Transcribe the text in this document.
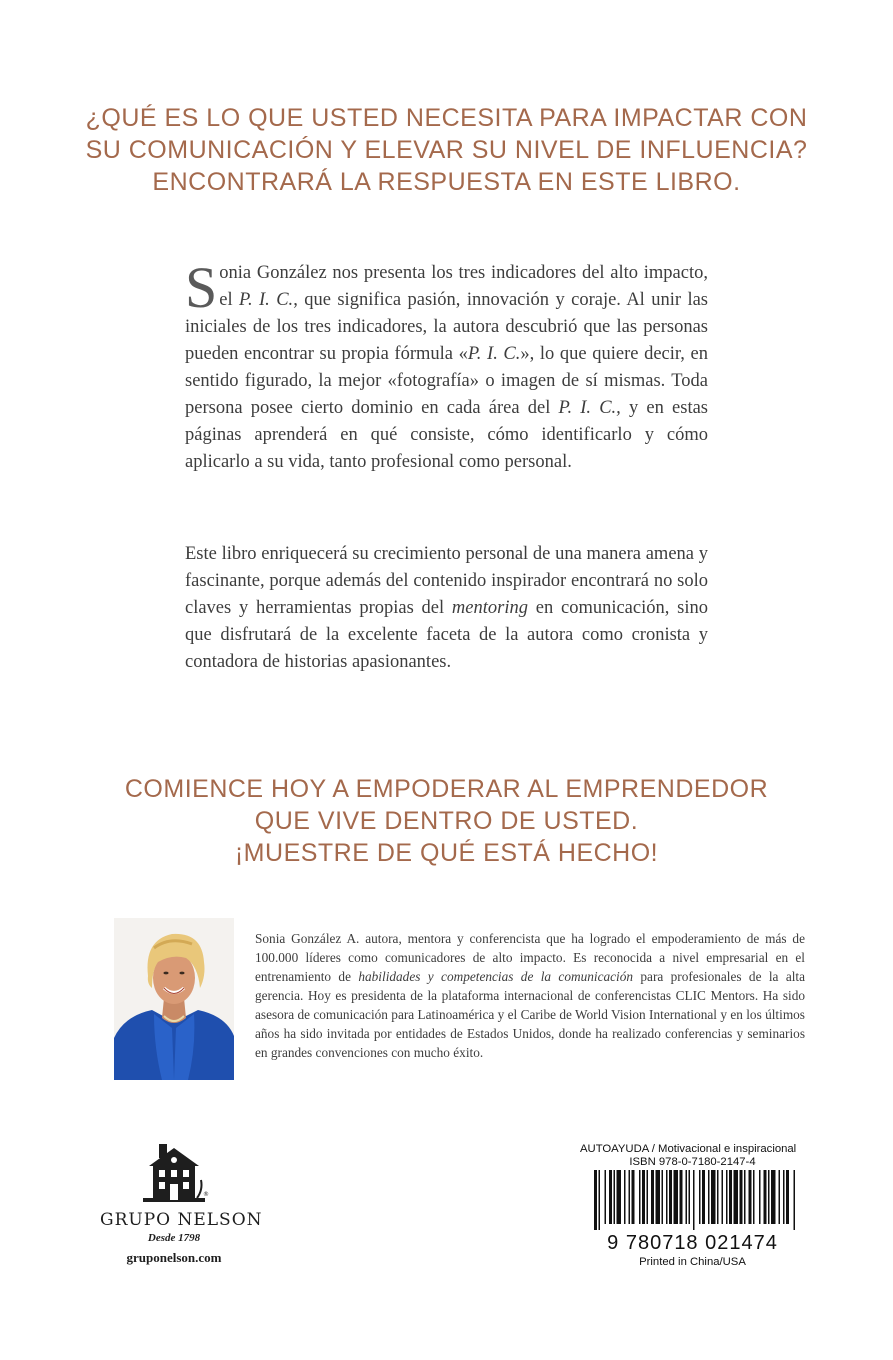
¿QUÉ ES LO QUE USTED NECESITA PARA IMPACTAR CON
SU COMUNICACIÓN Y ELEVAR SU NIVEL DE INFLUENCIA?
ENCONTRARÁ LA RESPUESTA EN ESTE LIBRO.
Sonia González nos presenta los tres indicadores del alto impacto, el P. I. C., que significa pasión, innovación y coraje. Al unir las iniciales de los tres indicadores, la autora descubrió que las personas pueden encontrar su propia fórmula «P. I. C.», lo que quiere decir, en sentido figurado, la mejor «fotografía» o imagen de sí mismas. Toda persona posee cierto dominio en cada área del P. I. C., y en estas páginas aprenderá en qué consiste, cómo identificarlo y cómo aplicarlo a su vida, tanto profesional como personal.
Este libro enriquecerá su crecimiento personal de una manera amena y fascinante, porque además del contenido inspirador encontrará no solo claves y herramientas propias del mentoring en comunicación, sino que disfrutará de la excelente faceta de la autora como cronista y contadora de historias apasionantes.
COMIENCE HOY A EMPODERAR AL EMPRENDEDOR
QUE VIVE DENTRO DE USTED.
¡MUESTRE DE QUÉ ESTÁ HECHO!
Sonia González A. autora, mentora y conferencista que ha logrado el empoderamiento de más de 100.000 líderes como comunicadores de alto impacto. Es reconocida a nivel empresarial en el entrenamiento de habilidades y competencias de la comunicación para profesionales de la alta gerencia. Hoy es presidenta de la plataforma internacional de conferencistas CLIC Mentors. Ha sido asesora de comunicación para Latinoamérica y el Caribe de World Vision International y en los últimos años ha sido invitada por entidades de Estados Unidos, donde ha realizado conferencias y seminarios en grandes convenciones con mucho éxito.
®
GRUPO NELSON
Desde 1798
gruponelson.com
AUTOAYUDA / Motivacional e inspiracional
ISBN 978-0-7180-2147-4
9 780718 021474
Printed in China/USA
